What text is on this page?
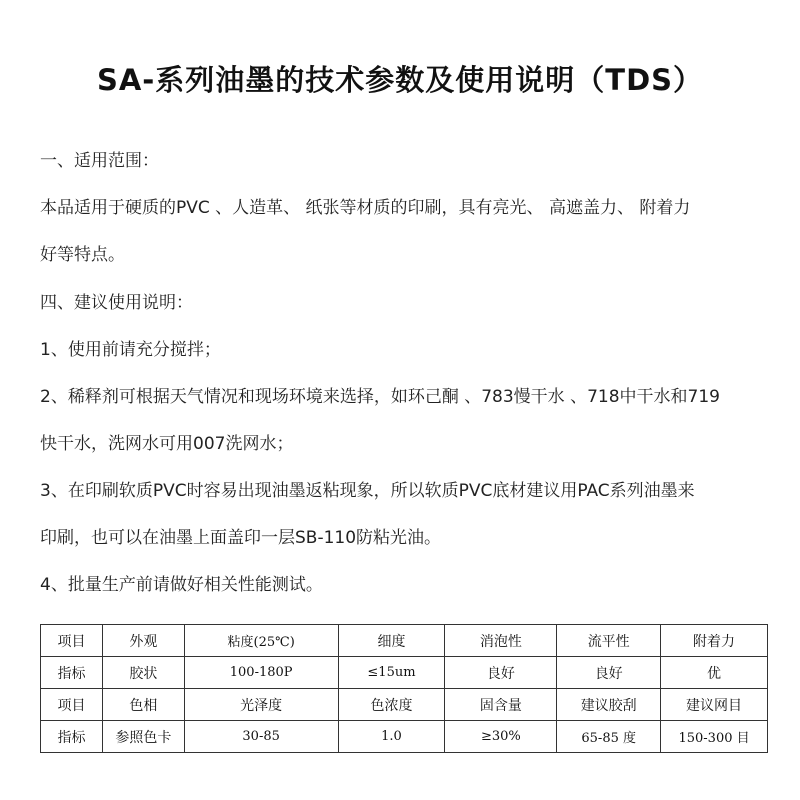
SA-系列油墨的技术参数及使用说明（TDS）
一、适用范围：
本品适用于硬质的PVC 、人造革、 纸张等材质的印刷，具有亮光、 高遮盖力、 附着力
好等特点。
四、建议使用说明：
1、使用前请充分搅拌；
2、稀释剂可根据天气情况和现场环境来选择，如环己酮 、783慢干水 、718中干水和719
快干水，洗网水可用007洗网水；
3、在印刷软质PVC时容易出现油墨返粘现象，所以软质PVC底材建议用PAC系列油墨来
印刷，也可以在油墨上面盖印一层SB-110防粘光油。
4、批量生产前请做好相关性能测试。
项目	外观	粘度(25℃)	细度	消泡性	流平性	附着力
指标	胶状	100-180P	≤15um	良好	良好	优
项目	色相	光泽度	色浓度	固含量	建议胶刮	建议网目
指标	参照色卡	30-85	1.0	≥30%	65-85 度	150-300 目
